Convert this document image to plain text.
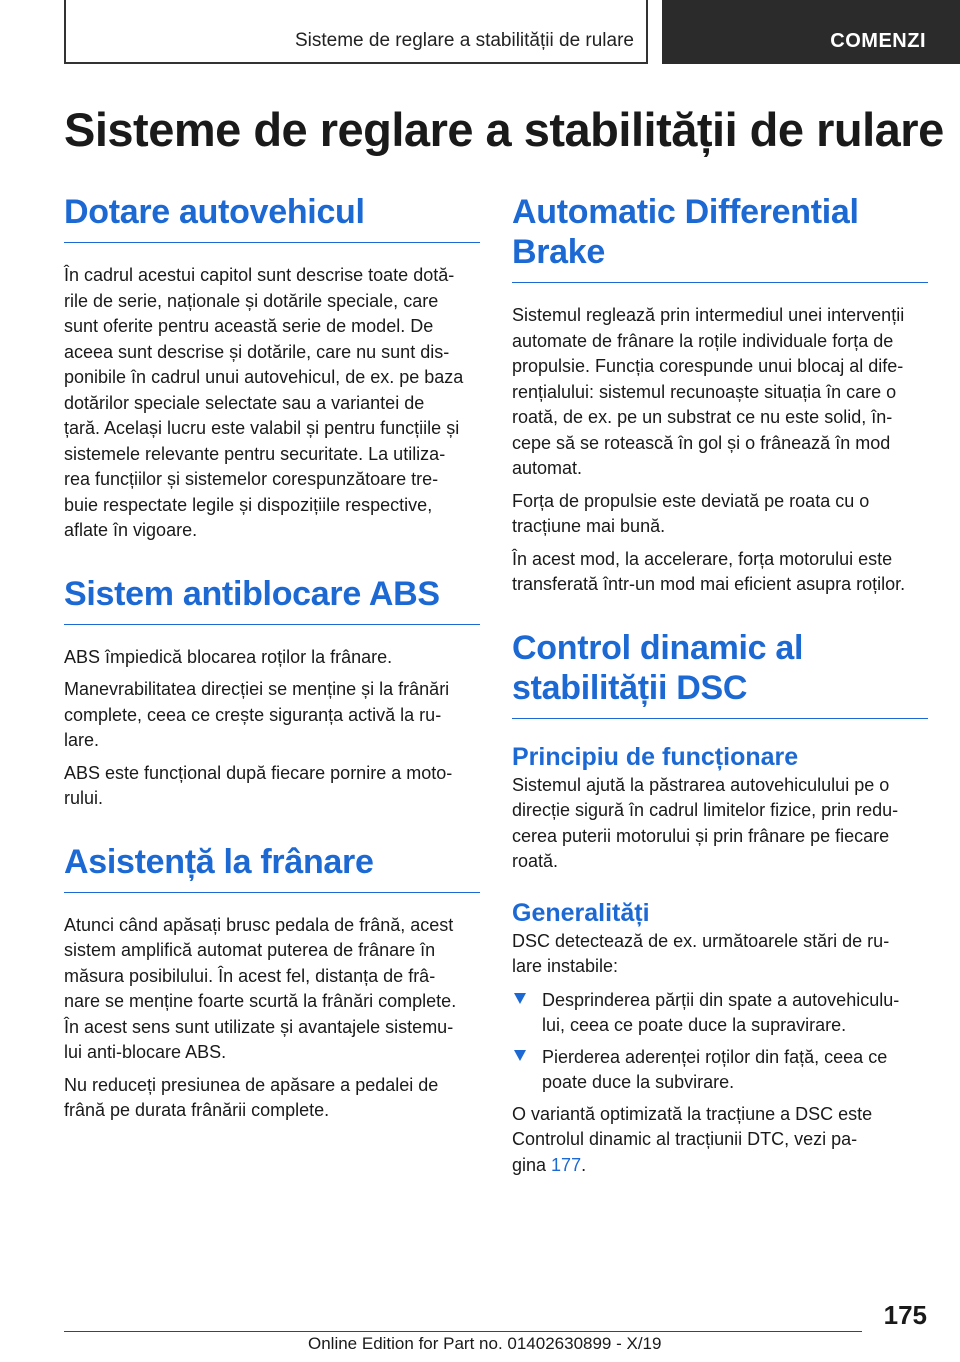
Sisteme de reglare a stabilității de rulare	COMENZI
Sisteme de reglare a stabilității de rulare
Dotare autovehicul

În cadrul acestui capitol sunt descrise toate dotă-
rile de serie, naționale și dotările speciale, care
sunt oferite pentru această serie de model. De
aceea sunt descrise și dotările, care nu sunt dis-
ponibile în cadrul unui autovehicul, de ex. pe baza
dotărilor speciale selectate sau a variantei de
țară. Același lucru este valabil și pentru funcțiile și
sistemele relevante pentru securitate. La utiliza-
rea funcțiilor și sistemelor corespunzătoare tre-
buie respectate legile și dispozițiile respective,
aflate în vigoare.

Sistem antiblocare ABS

ABS împiedică blocarea roților la frânare.

Manevrabilitatea direcției se menține și la frânări
complete, ceea ce crește siguranța activă la ru-
lare.

ABS este funcțional după fiecare pornire a moto-
rului.

Asistență la frânare

Atunci când apăsați brusc pedala de frână, acest
sistem amplifică automat puterea de frânare în
măsura posibilului. În acest fel, distanța de frâ-
nare se menține foarte scurtă la frânări complete.
În acest sens sunt utilizate și avantajele sistemu-
lui anti-blocare ABS.

Nu reduceți presiunea de apăsare a pedalei de
frână pe durata frânării complete.

Automatic Differential
Brake

Sistemul reglează prin intermediul unei intervenții
automate de frânare la roțile individuale forța de
propulsie. Funcția corespunde unui blocaj al dife-
rențialului: sistemul recunoaște situația în care o
roată, de ex. pe un substrat ce nu este solid, în-
cepe să se rotească în gol și o frânează în mod
automat.

Forța de propulsie este deviată pe roata cu o
tracțiune mai bună.

În acest mod, la accelerare, forța motorului este
transferată într-un mod mai eficient asupra roților.

Control dinamic al
stabilității DSC
Principiu de funcționare

Sistemul ajută la păstrarea autovehiculului pe o
direcție sigură în cadrul limitelor fizice, prin redu-
cerea puterii motorului și prin frânare pe fiecare
roată.

Generalități

DSC detectează de ex. următoarele stări de ru-
lare instabile:

Desprinderea părții din spate a autovehiculu-
lui, ceea ce poate duce la supravirare.
Pierderea aderenței roților din față, ceea ce
poate duce la subvirare.

O variantă optimizată la tracțiune a DSC este
Controlul dinamic al tracțiunii DTC, vezi pa-
gina 177.

175
Online Edition for Part no. 01402630899 - X/19
